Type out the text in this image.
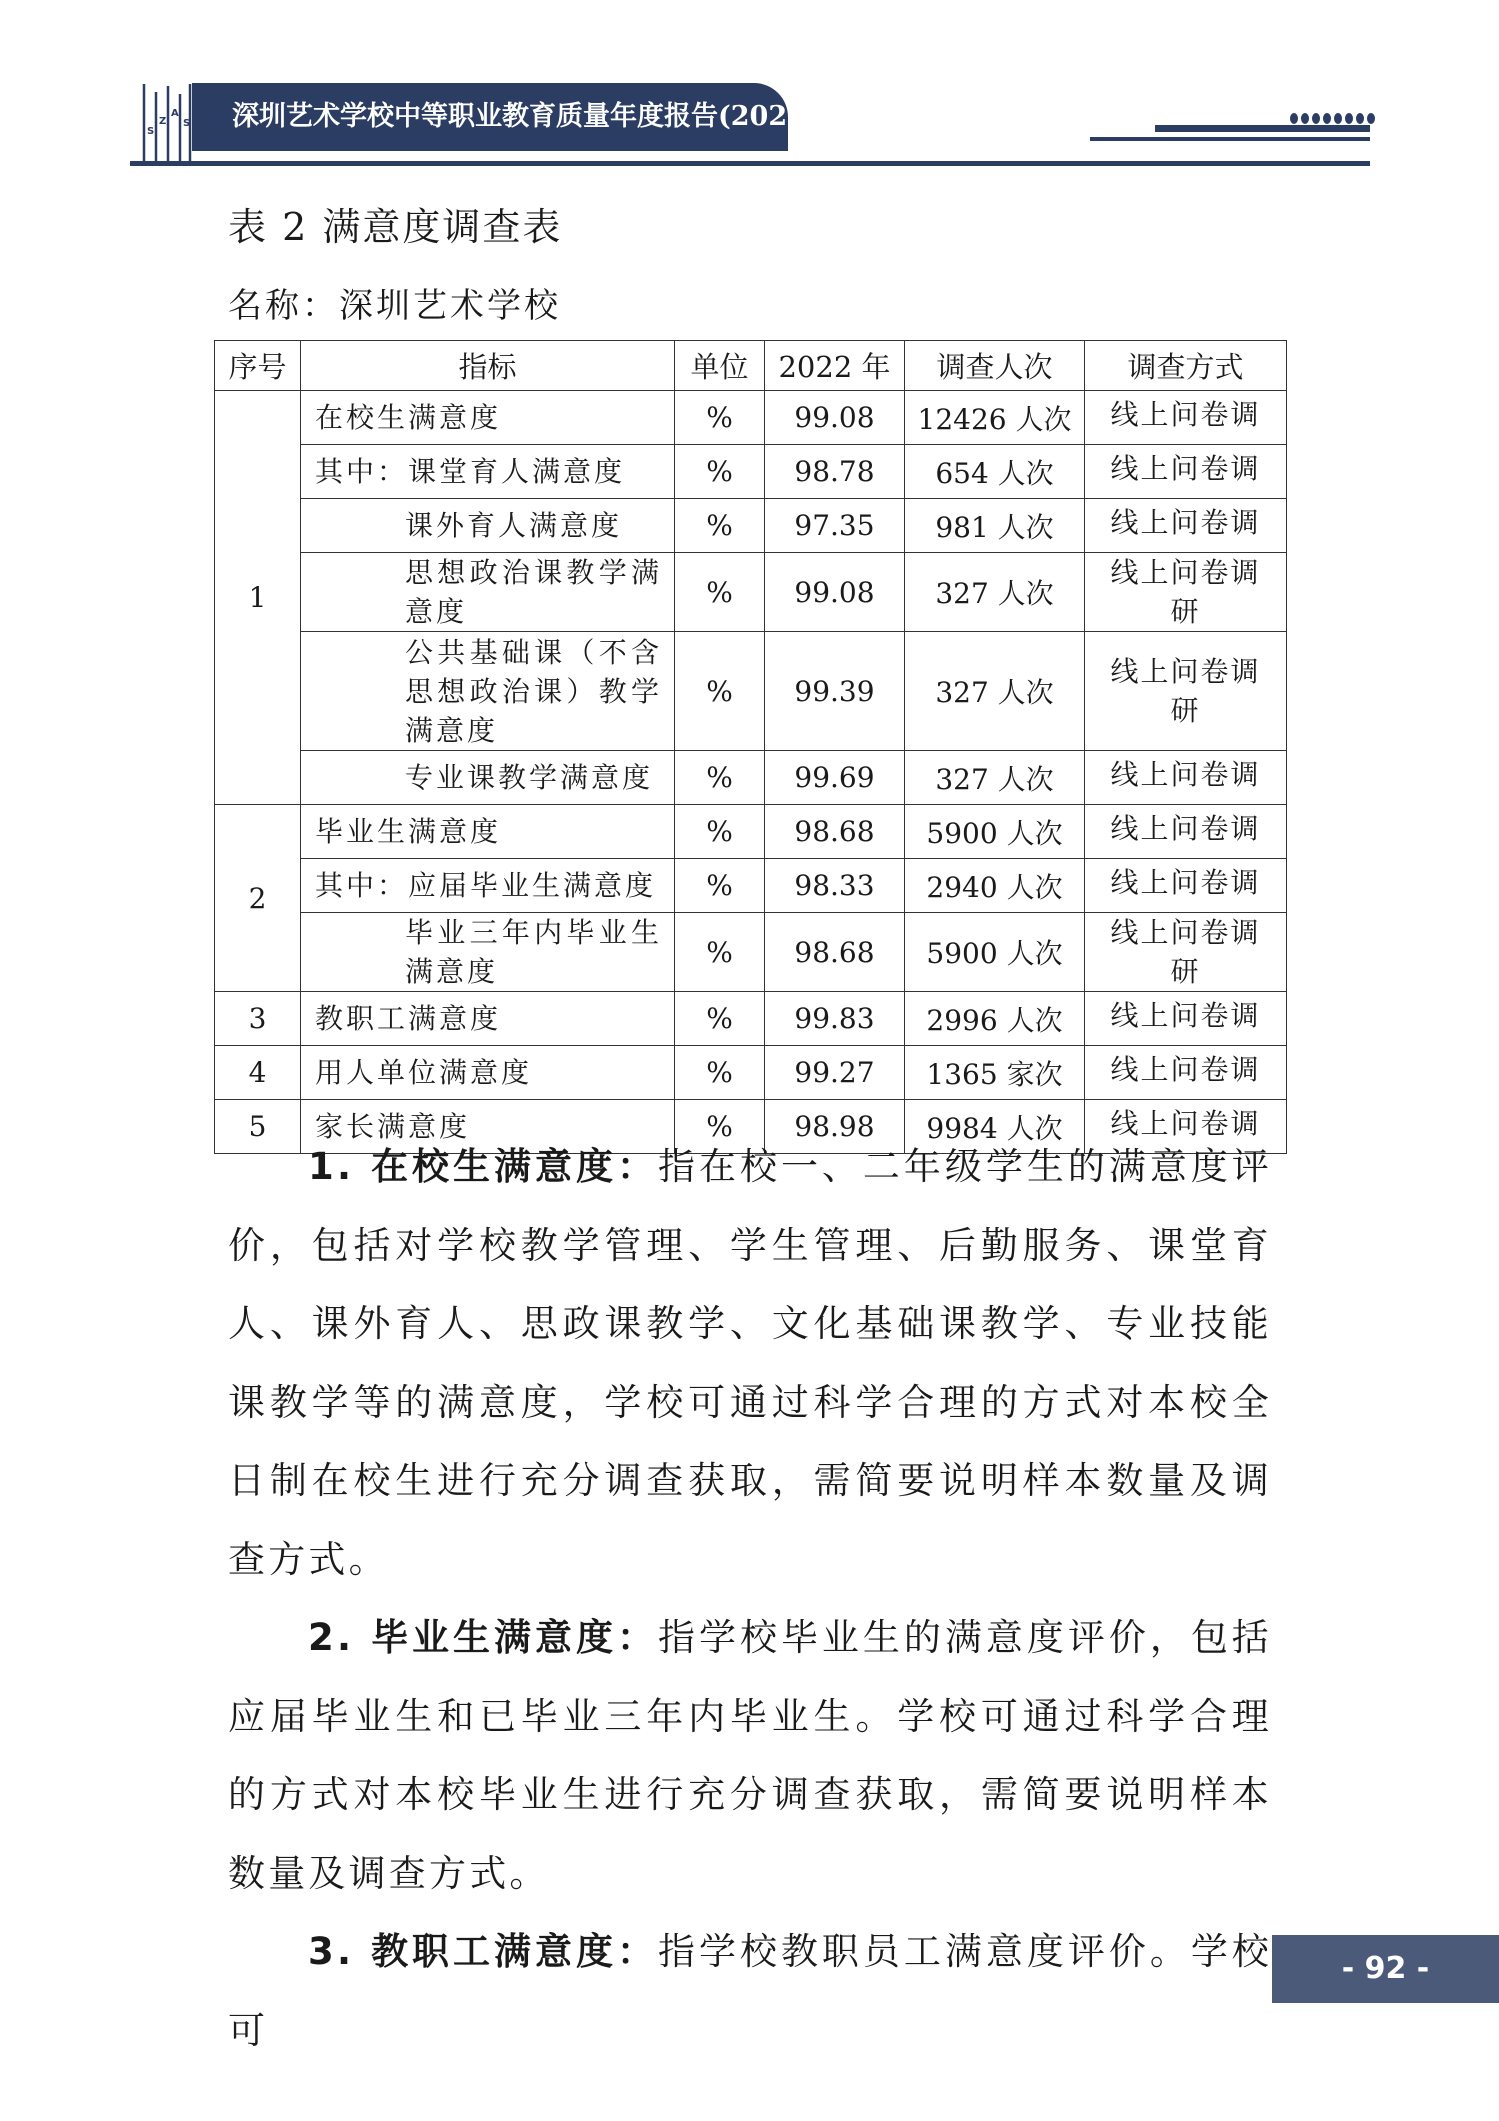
S
Z
A
S	深圳艺术学校中等职业教育质量年度报告(2023)
表 2 满意度调查表
名称：深圳艺术学校
序号	指标	单位	2022 年	调查人次	调查方式
1	在校生满意度	%	99.08	12426 人次	线上问卷调
	其中：课堂育人满意度	%	98.78	654 人次	线上问卷调
	课外育人满意度	%	97.35	981 人次	线上问卷调
	思想政治课教学满意度	%	99.08	327 人次	线上问卷调研
	公共基础课（不含思想政治课）教学满意度	%	99.39	327 人次	线上问卷调研
	专业课教学满意度	%	99.69	327 人次	线上问卷调
2	毕业生满意度	%	98.68	5900 人次	线上问卷调
	其中：应届毕业生满意度	%	98.33	2940 人次	线上问卷调
	毕业三年内毕业生满意度	%	98.68	5900 人次	线上问卷调研
3	教职工满意度	%	99.83	2996 人次	线上问卷调
4	用人单位满意度	%	99.27	1365 家次	线上问卷调
5	家长满意度	%	98.98	9984 人次	线上问卷调

1. 在校生满意度：指在校一、二年级学生的满意度评价，包括对学校教学管理、学生管理、后勤服务、课堂育人、课外育人、思政课教学、文化基础课教学、专业技能课教学等的满意度，学校可通过科学合理的方式对本校全日制在校生进行充分调查获取，需简要说明样本数量及调查方式。

2. 毕业生满意度：指学校毕业生的满意度评价，包括应届毕业生和已毕业三年内毕业生。学校可通过科学合理的方式对本校毕业生进行充分调查获取，需简要说明样本数量及调查方式。

3. 教职工满意度：指学校教职员工满意度评价。学校可

- 92 -
